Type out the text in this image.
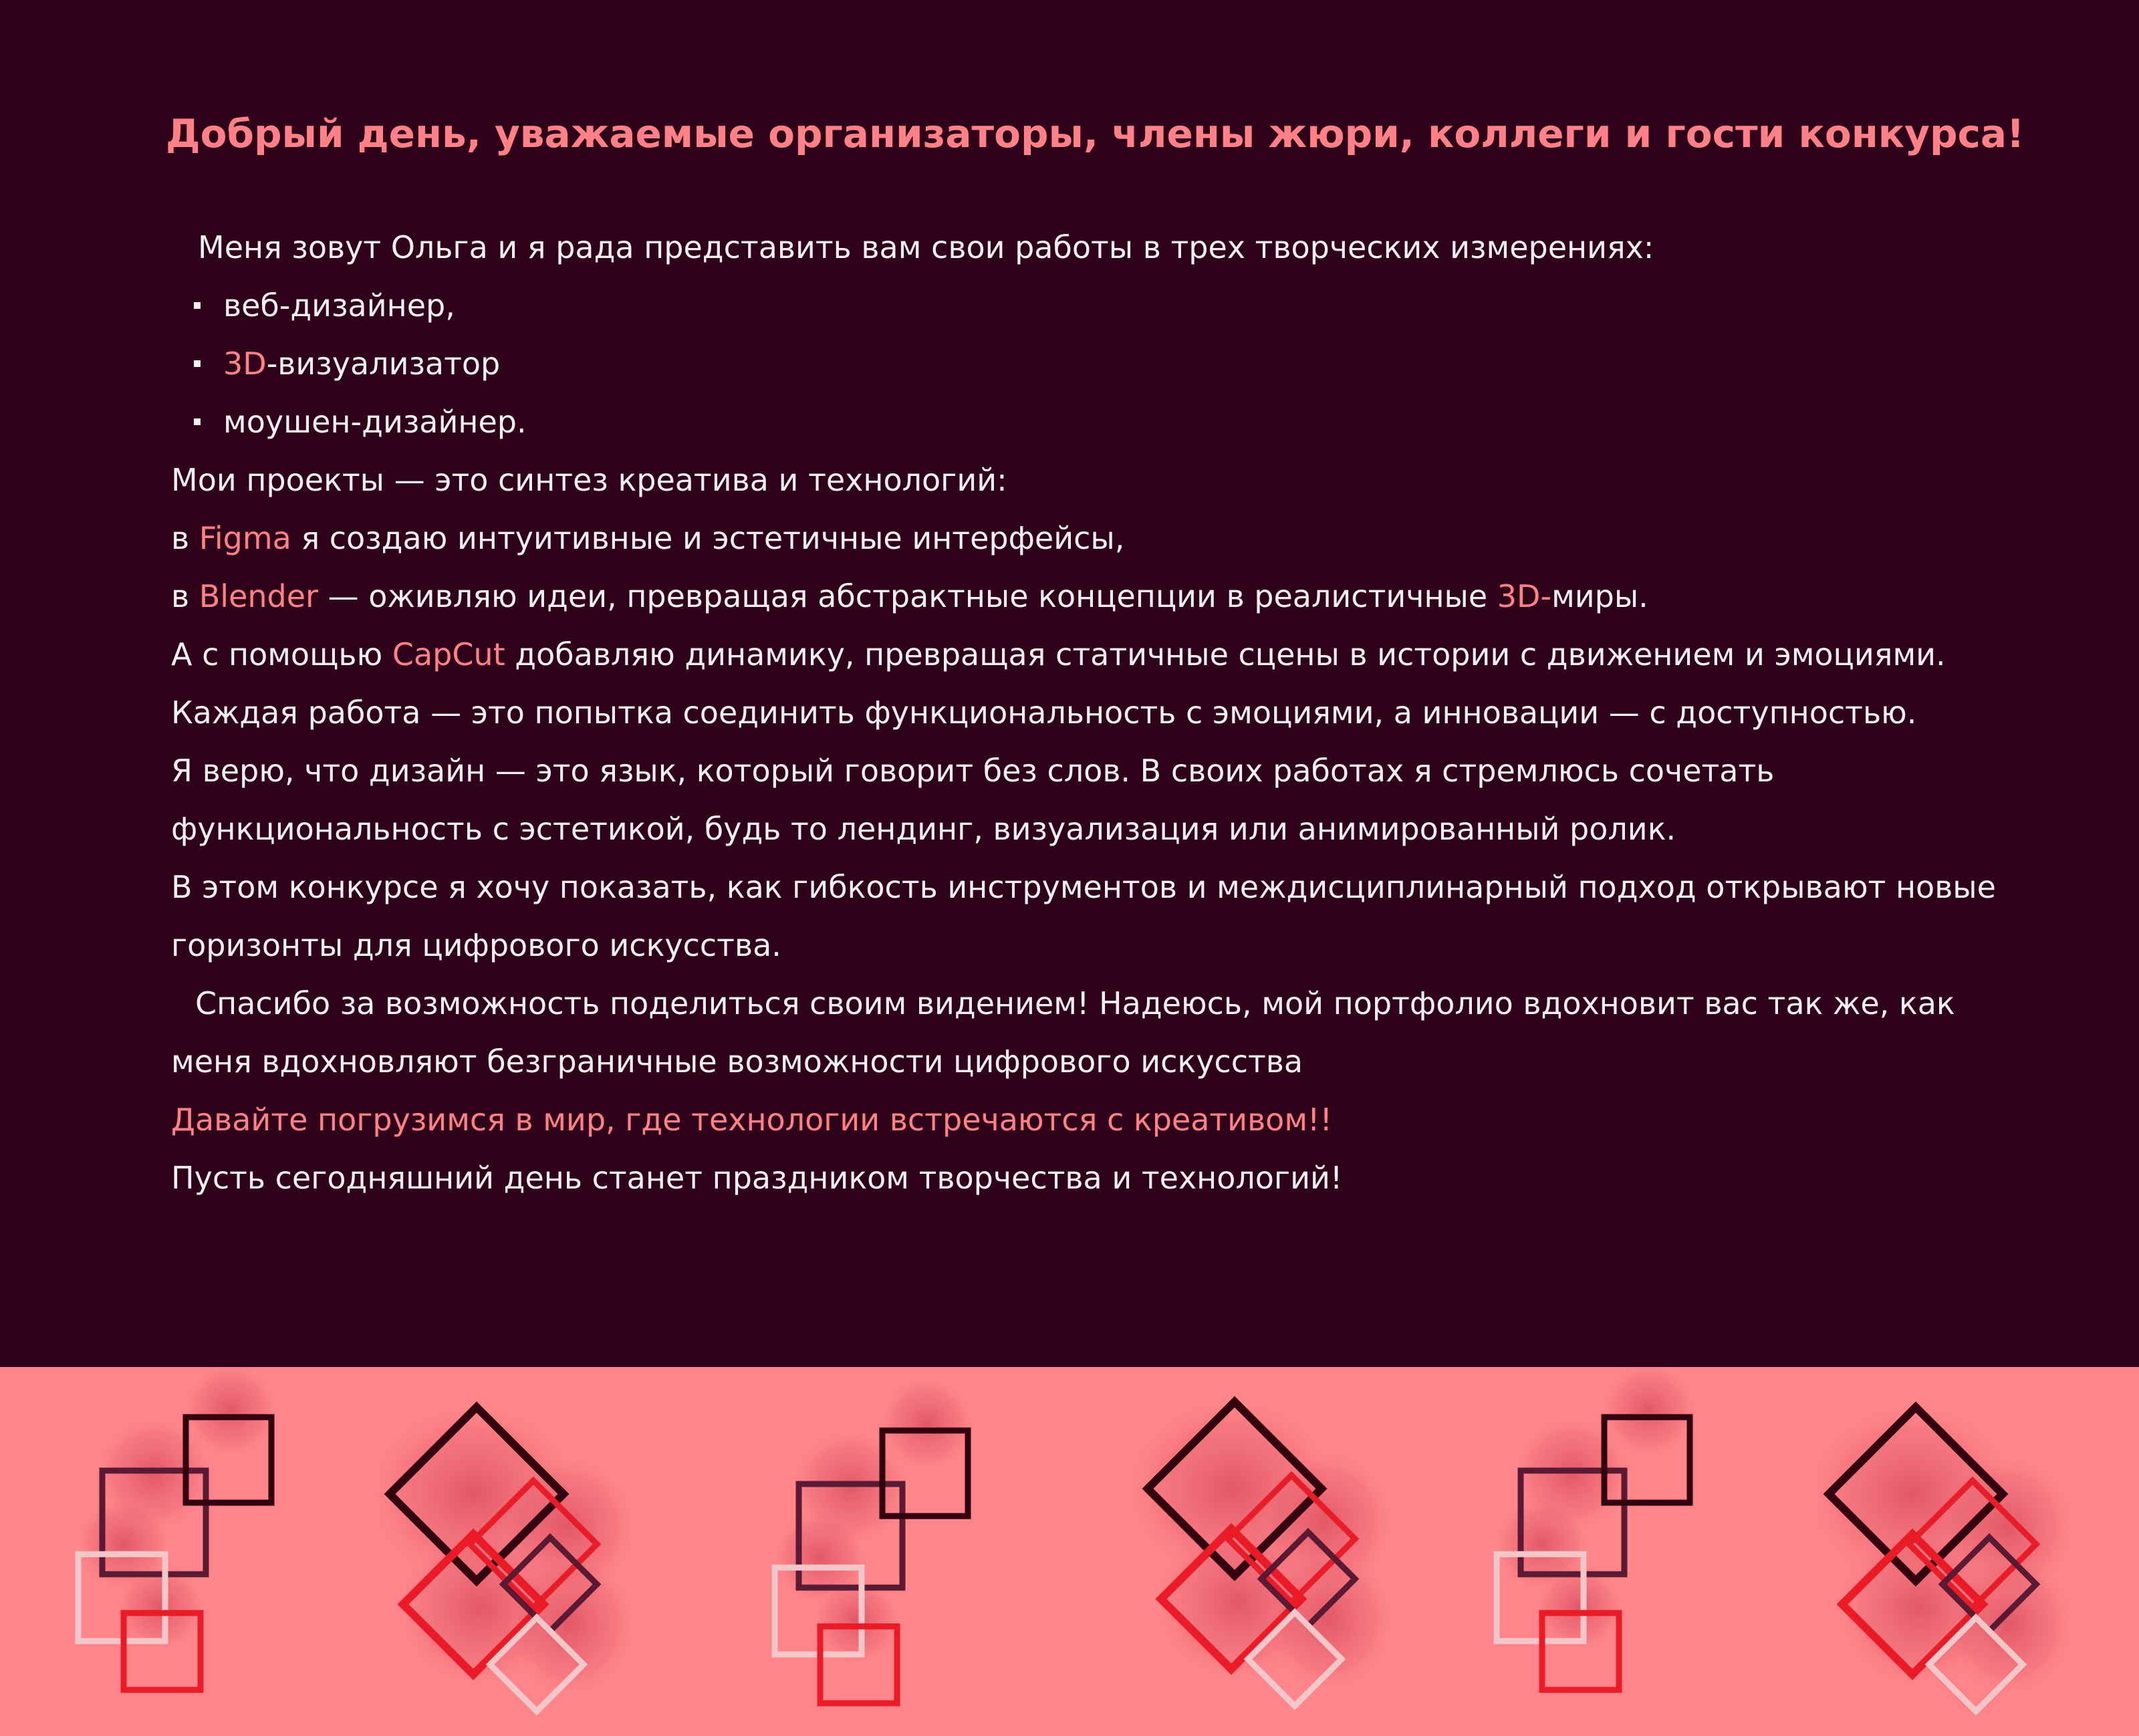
Добрый день, уважаемые организаторы, члены жюри, коллеги и гости конкурса!
Меня зовут Ольга и я рада представить вам свои работы в трех творческих измерениях:
веб-дизайнер,
3D-визуализатор
моушен-дизайнер.
Мои проекты — это синтез креатива и технологий:
в Figma я создаю интуитивные и эстетичные интерфейсы,
в Blender — оживляю идеи, превращая абстрактные концепции в реалистичные 3D-миры.
А с помощью CapCut добавляю динамику, превращая статичные сцены в истории с движением и эмоциями.
Каждая работа — это попытка соединить функциональность с эмоциями, а инновации — с доступностью.
Я верю, что дизайн — это язык, который говорит без слов. В своих работах я стремлюсь сочетать
функциональность с эстетикой, будь то лендинг, визуализация или анимированный ролик.
В этом конкурсе я хочу показать, как гибкость инструментов и междисциплинарный подход открывают новые
горизонты для цифрового искусства.
Спасибо за возможность поделиться своим видением! Надеюсь, мой портфолио вдохновит вас так же, как
меня вдохновляют безграничные возможности цифрового искусства
Давайте погрузимся в мир, где технологии встречаются с креативом!!
Пусть сегодняшний день станет праздником творчества и технологий!
